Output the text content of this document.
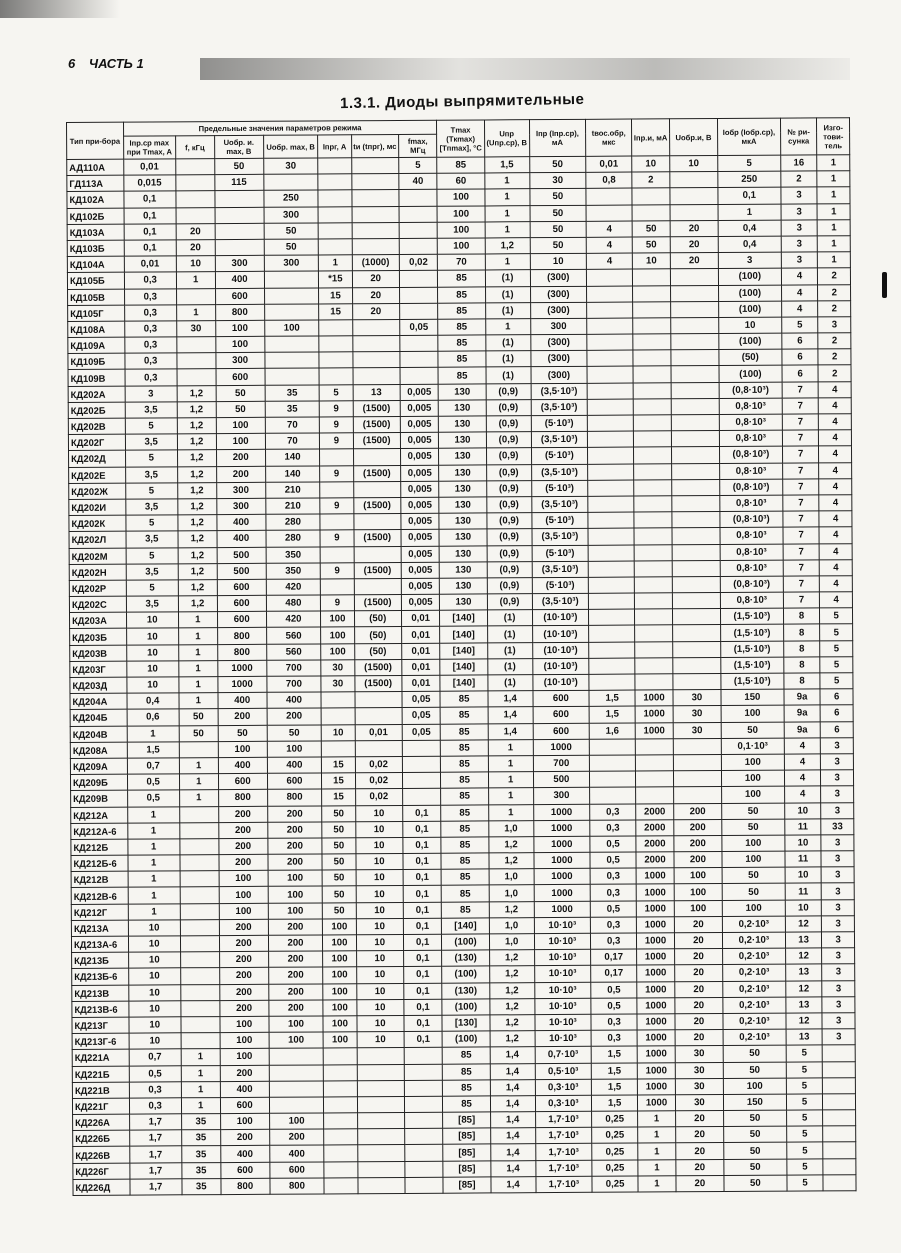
6 ЧАСТЬ 1
1.3.1. Диоды выпрямительные
Тип при-бора	Предельные значения параметров режима							Tmax (Tкmax) [Tпmax], °С	Uпр (Uпр.ср), В	Iпр (Iпр.ср), мА	tвос.обр, мкс	Iпр.и, мА	Uобр.и, В	Iобр (Iобр.ср), мкА	№ ри-сунка	Изго-тови-тель
	Iпр.ср max при Tmax, A	f, кГц	Uобр. и. max, В	Uобр. max, В	Iпрг, А	tи (tпрг), мс	fmax, МГц									
АД110А	0,01		50	30			5	85	1,5	50	0,01	10	10	5	16	1
ГД113А	0,015		115				40	60	1	30	0,8	2		250	2	1
КД102А	0,1			250				100	1	50				0,1	3	1
КД102Б	0,1			300				100	1	50				1	3	1
КД103А	0,1	20		50				100	1	50	4	50	20	0,4	3	1
КД103Б	0,1	20		50				100	1,2	50	4	50	20	0,4	3	1
КД104А	0,01	10	300	300	1	(1000)	0,02	70	1	10	4	10	20	3	3	1
КД105Б	0,3	1	400		*15	20		85	(1)	(300)				(100)	4	2
КД105В	0,3		600		15	20		85	(1)	(300)				(100)	4	2
КД105Г	0,3	1	800		15	20		85	(1)	(300)				(100)	4	2
КД108А	0,3	30	100	100			0,05	85	1	300				10	5	3
КД109А	0,3		100					85	(1)	(300)				(100)	6	2
КД109Б	0,3		300					85	(1)	(300)				(50)	6	2
КД109В	0,3		600					85	(1)	(300)				(100)	6	2
КД202А	3	1,2	50	35	5	13	0,005	130	(0,9)	(3,5·10³)				(0,8·10³)	7	4
КД202Б	3,5	1,2	50	35	9	(1500)	0,005	130	(0,9)	(3,5·10³)				0,8·10³	7	4
КД202В	5	1,2	100	70	9	(1500)	0,005	130	(0,9)	(5·10³)				0,8·10³	7	4
КД202Г	3,5	1,2	100	70	9	(1500)	0,005	130	(0,9)	(3,5·10³)				0,8·10³	7	4
КД202Д	5	1,2	200	140			0,005	130	(0,9)	(5·10³)				(0,8·10³)	7	4
КД202Е	3,5	1,2	200	140	9	(1500)	0,005	130	(0,9)	(3,5·10³)				0,8·10³	7	4
КД202Ж	5	1,2	300	210			0,005	130	(0,9)	(5·10³)				(0,8·10³)	7	4
КД202И	3,5	1,2	300	210	9	(1500)	0,005	130	(0,9)	(3,5·10³)				0,8·10³	7	4
КД202К	5	1,2	400	280			0,005	130	(0,9)	(5·10³)				(0,8·10³)	7	4
КД202Л	3,5	1,2	400	280	9	(1500)	0,005	130	(0,9)	(3,5·10³)				0,8·10³	7	4
КД202М	5	1,2	500	350			0,005	130	(0,9)	(5·10³)				0,8·10³	7	4
КД202Н	3,5	1,2	500	350	9	(1500)	0,005	130	(0,9)	(3,5·10³)				0,8·10³	7	4
КД202Р	5	1,2	600	420			0,005	130	(0,9)	(5·10³)				(0,8·10³)	7	4
КД202С	3,5	1,2	600	480	9	(1500)	0,005	130	(0,9)	(3,5·10³)				0,8·10³	7	4
КД203А	10	1	600	420	100	(50)	0,01	[140]	(1)	(10·10³)				(1,5·10³)	8	5
КД203Б	10	1	800	560	100	(50)	0,01	[140]	(1)	(10·10³)				(1,5·10³)	8	5
КД203В	10	1	800	560	100	(50)	0,01	[140]	(1)	(10·10³)				(1,5·10³)	8	5
КД203Г	10	1	1000	700	30	(1500)	0,01	[140]	(1)	(10·10³)				(1,5·10³)	8	5
КД203Д	10	1	1000	700	30	(1500)	0,01	[140]	(1)	(10·10³)				(1,5·10³)	8	5
КД204А	0,4	1	400	400			0,05	85	1,4	600	1,5	1000	30	150	9а	6
КД204Б	0,6	50	200	200			0,05	85	1,4	600	1,5	1000	30	100	9а	6
КД204В	1	50	50	50	10	0,01	0,05	85	1,4	600	1,6	1000	30	50	9а	6
КД208А	1,5		100	100				85	1	1000				0,1·10³	4	3
КД209А	0,7	1	400	400	15	0,02		85	1	700				100	4	3
КД209Б	0,5	1	600	600	15	0,02		85	1	500				100	4	3
КД209В	0,5	1	800	800	15	0,02		85	1	300				100	4	3
КД212А	1		200	200	50	10	0,1	85	1	1000	0,3	2000	200	50	10	3
КД212А-6	1		200	200	50	10	0,1	85	1,0	1000	0,3	2000	200	50	11	33
КД212Б	1		200	200	50	10	0,1	85	1,2	1000	0,5	2000	200	100	10	3
КД212Б-6	1		200	200	50	10	0,1	85	1,2	1000	0,5	2000	200	100	11	3
КД212В	1		100	100	50	10	0,1	85	1,0	1000	0,3	1000	100	50	10	3
КД212В-6	1		100	100	50	10	0,1	85	1,0	1000	0,3	1000	100	50	11	3
КД212Г	1		100	100	50	10	0,1	85	1,2	1000	0,5	1000	100	100	10	3
КД213А	10		200	200	100	10	0,1	[140]	1,0	10·10³	0,3	1000	20	0,2·10³	12	3
КД213А-6	10		200	200	100	10	0,1	(100)	1,0	10·10³	0,3	1000	20	0,2·10³	13	3
КД213Б	10		200	200	100	10	0,1	(130)	1,2	10·10³	0,17	1000	20	0,2·10³	12	3
КД213Б-6	10		200	200	100	10	0,1	(100)	1,2	10·10³	0,17	1000	20	0,2·10³	13	3
КД213В	10		200	200	100	10	0,1	(130)	1,2	10·10³	0,5	1000	20	0,2·10³	12	3
КД213В-6	10		200	200	100	10	0,1	(100)	1,2	10·10³	0,5	1000	20	0,2·10³	13	3
КД213Г	10		100	100	100	10	0,1	[130]	1,2	10·10³	0,3	1000	20	0,2·10³	12	3
КД213Г-6	10		100	100	100	10	0,1	(100)	1,2	10·10³	0,3	1000	20	0,2·10³	13	3
КД221А	0,7	1	100					85	1,4	0,7·10³	1,5	1000	30	50	5	
КД221Б	0,5	1	200					85	1,4	0,5·10³	1,5	1000	30	50	5	
КД221В	0,3	1	400					85	1,4	0,3·10³	1,5	1000	30	100	5	
КД221Г	0,3	1	600					85	1,4	0,3·10³	1,5	1000	30	150	5	
КД226А	1,7	35	100	100				[85]	1,4	1,7·10³	0,25	1	20	50	5	
КД226Б	1,7	35	200	200				[85]	1,4	1,7·10³	0,25	1	20	50	5	
КД226В	1,7	35	400	400				[85]	1,4	1,7·10³	0,25	1	20	50	5	
КД226Г	1,7	35	600	600				[85]	1,4	1,7·10³	0,25	1	20	50	5	
КД226Д	1,7	35	800	800				[85]	1,4	1,7·10³	0,25	1	20	50	5	
